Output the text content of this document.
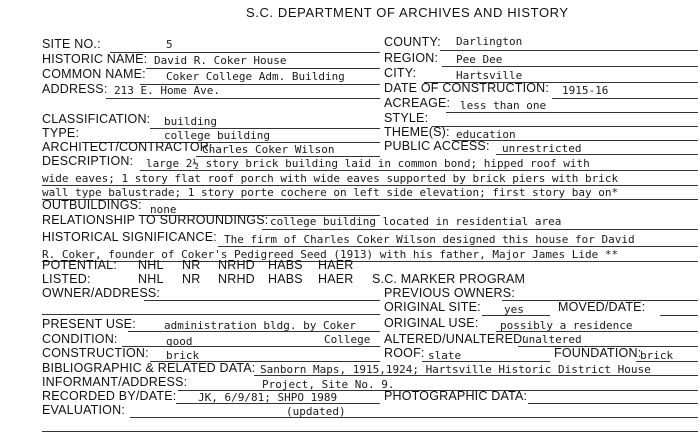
S.C. DEPARTMENT OF ARCHIVES AND HISTORY
SITE NO.:	5	COUNTY: Darlington
HISTORIC NAME: David R. Coker House	REGION: Pee Dee
COMMON NAME: Coker College Adm. Building	CITY:	Hartsville
ADDRESS: 213 E. Home Ave.	DATE OF CONSTRUCTION: 1915-16
ACREAGE: less than one
CLASSIFICATION: building	STYLE:
TYPE:	college building	THEME(S): education
ARCHITECT/CONTRACTOR:
Charles Coker Wilson	PUBLIC ACCESS: unrestricted
DESCRIPTION: large 2½ story brick building laid in common bond; hipped roof with
wide eaves; 1 story flat roof porch with wide eaves supported by brick piers with brick
wall type balustrade; 1 story porte cochere on left side elevation; first story bay on*
OUTBUILDINGS: none
RELATIONSHIP TO SURROUNDINGS: college building located in residential area
HISTORICAL SIGNIFICANCE: The firm of Charles Coker Wilson designed this house for David
R. Coker, founder of Coker's Pedigreed Seed (1913) with his father, Major James Lide **
POTENTIAL: NHL NR NRHD HABS HAER
LISTED:	NHL NR NRHD HABS HAER S.C. MARKER PROGRAM
OWNER/ADDRESS:	PREVIOUS OWNERS:
ORIGINAL SITE: yes	MOVED/DATE:
PRESENT USE:	administration bldg. by Coker ORIGINAL USE: possibly a residence
CONDITION:	good	College ALTERED/UNALTERED:
unaltered
CONSTRUCTION: brick	ROOF: slate	FOUNDATION:
brick
BIBLIOGRAPHIC & RELATED DATA: Sanborn Maps, 1915,1924; Hartsville Historic District House
INFORMANT/ADDRESS:	Project, Site No. 9.
RECORDED BY/DATE: JK, 6/9/81; SHPO 1989	PHOTOGRAPHIC DATA:
EVALUATION:	(updated)
